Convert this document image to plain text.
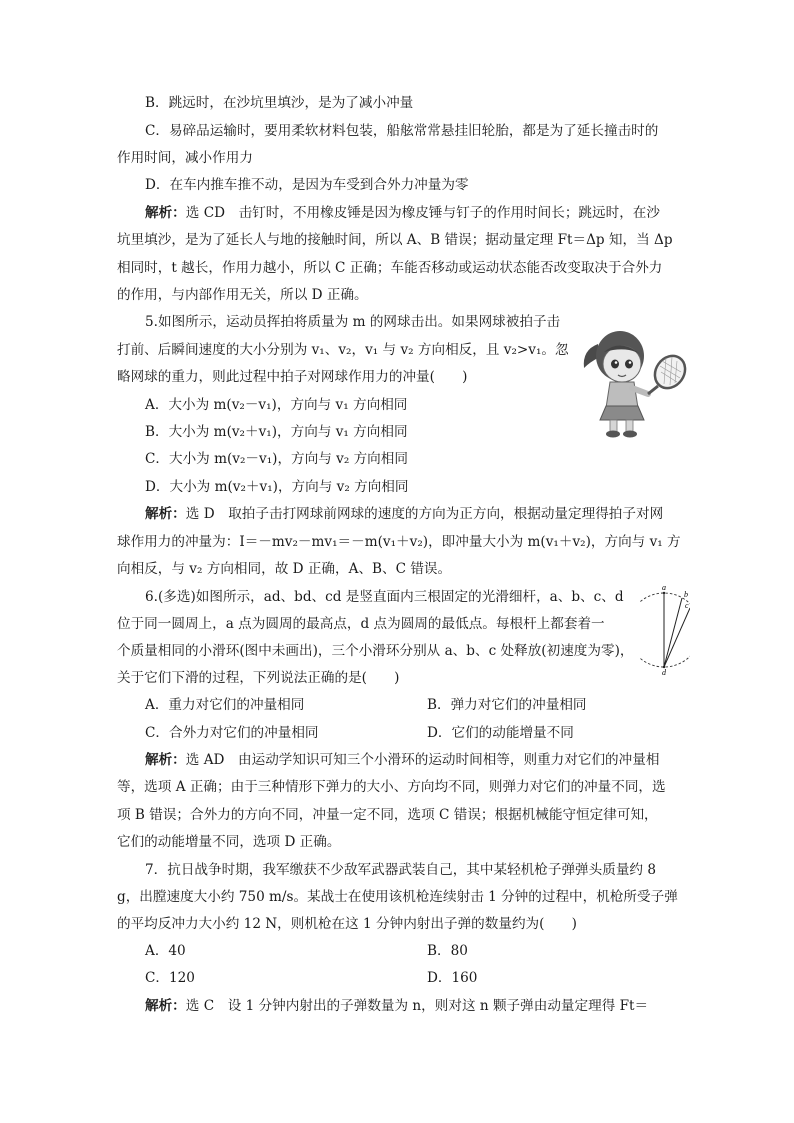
B．跳远时，在沙坑里填沙，是为了减小冲量
C．易碎品运输时，要用柔软材料包装，船舷常常悬挂旧轮胎，都是为了延长撞击时的
作用时间，减小作用力
D．在车内推车推不动，是因为车受到合外力冲量为零
解析：选 CD　击钉时，不用橡皮锤是因为橡皮锤与钉子的作用时间长；跳远时，在沙
坑里填沙，是为了延长人与地的接触时间，所以 A、B 错误；据动量定理 Ft＝Δp 知，当 Δp
相同时，t 越长，作用力越小，所以 C 正确；车能否移动或运动状态能否改变取决于合外力
的作用，与内部作用无关，所以 D 正确。
5.如图所示，运动员挥拍将质量为 m 的网球击出。如果网球被拍子击
打前、后瞬间速度的大小分别为 v₁、v₂，v₁ 与 v₂ 方向相反，且 v₂>v₁。忽
略网球的重力，则此过程中拍子对网球作用力的冲量(　　)
A．大小为 m(v₂－v₁)，方向与 v₁ 方向相同
B．大小为 m(v₂＋v₁)，方向与 v₁ 方向相同
C．大小为 m(v₂－v₁)，方向与 v₂ 方向相同
D．大小为 m(v₂＋v₁)，方向与 v₂ 方向相同
解析：选 D　取拍子击打网球前网球的速度的方向为正方向，根据动量定理得拍子对网
球作用力的冲量为：I＝－mv₂－mv₁＝－m(v₁＋v₂)，即冲量大小为 m(v₁＋v₂)，方向与 v₁ 方
向相反，与 v₂ 方向相同，故 D 正确，A、B、C 错误。
6.(多选)如图所示，ad、bd、cd 是竖直面内三根固定的光滑细杆，a、b、c、d
位于同一圆周上，a 点为圆周的最高点，d 点为圆周的最低点。每根杆上都套着一
个质量相同的小滑环(图中未画出)，三个小滑环分别从 a、b、c 处释放(初速度为零)，
关于它们下滑的过程，下列说法正确的是(　　)
A．重力对它们的冲量相同	B．弹力对它们的冲量相同
C．合外力对它们的冲量相同	D．它们的动能增量不同
解析：选 AD　由运动学知识可知三个小滑环的运动时间相等，则重力对它们的冲量相
等，选项 A 正确；由于三种情形下弹力的大小、方向均不同，则弹力对它们的冲量不同，选
项 B 错误；合外力的方向不同，冲量一定不同，选项 C 错误；根据机械能守恒定律可知，
它们的动能增量不同，选项 D 正确。
a
b
c
d
7．抗日战争时期，我军缴获不少敌军武器武装自己，其中某轻机枪子弹弹头质量约 8
g，出膛速度大小约 750 m/s。某战士在使用该机枪连续射击 1 分钟的过程中，机枪所受子弹
的平均反冲力大小约 12 N，则机枪在这 1 分钟内射出子弹的数量约为(　　)
A．40	B．80
C．120	D．160
解析：选 C　设 1 分钟内射出的子弹数量为 n，则对这 n 颗子弹由动量定理得 Ft＝
